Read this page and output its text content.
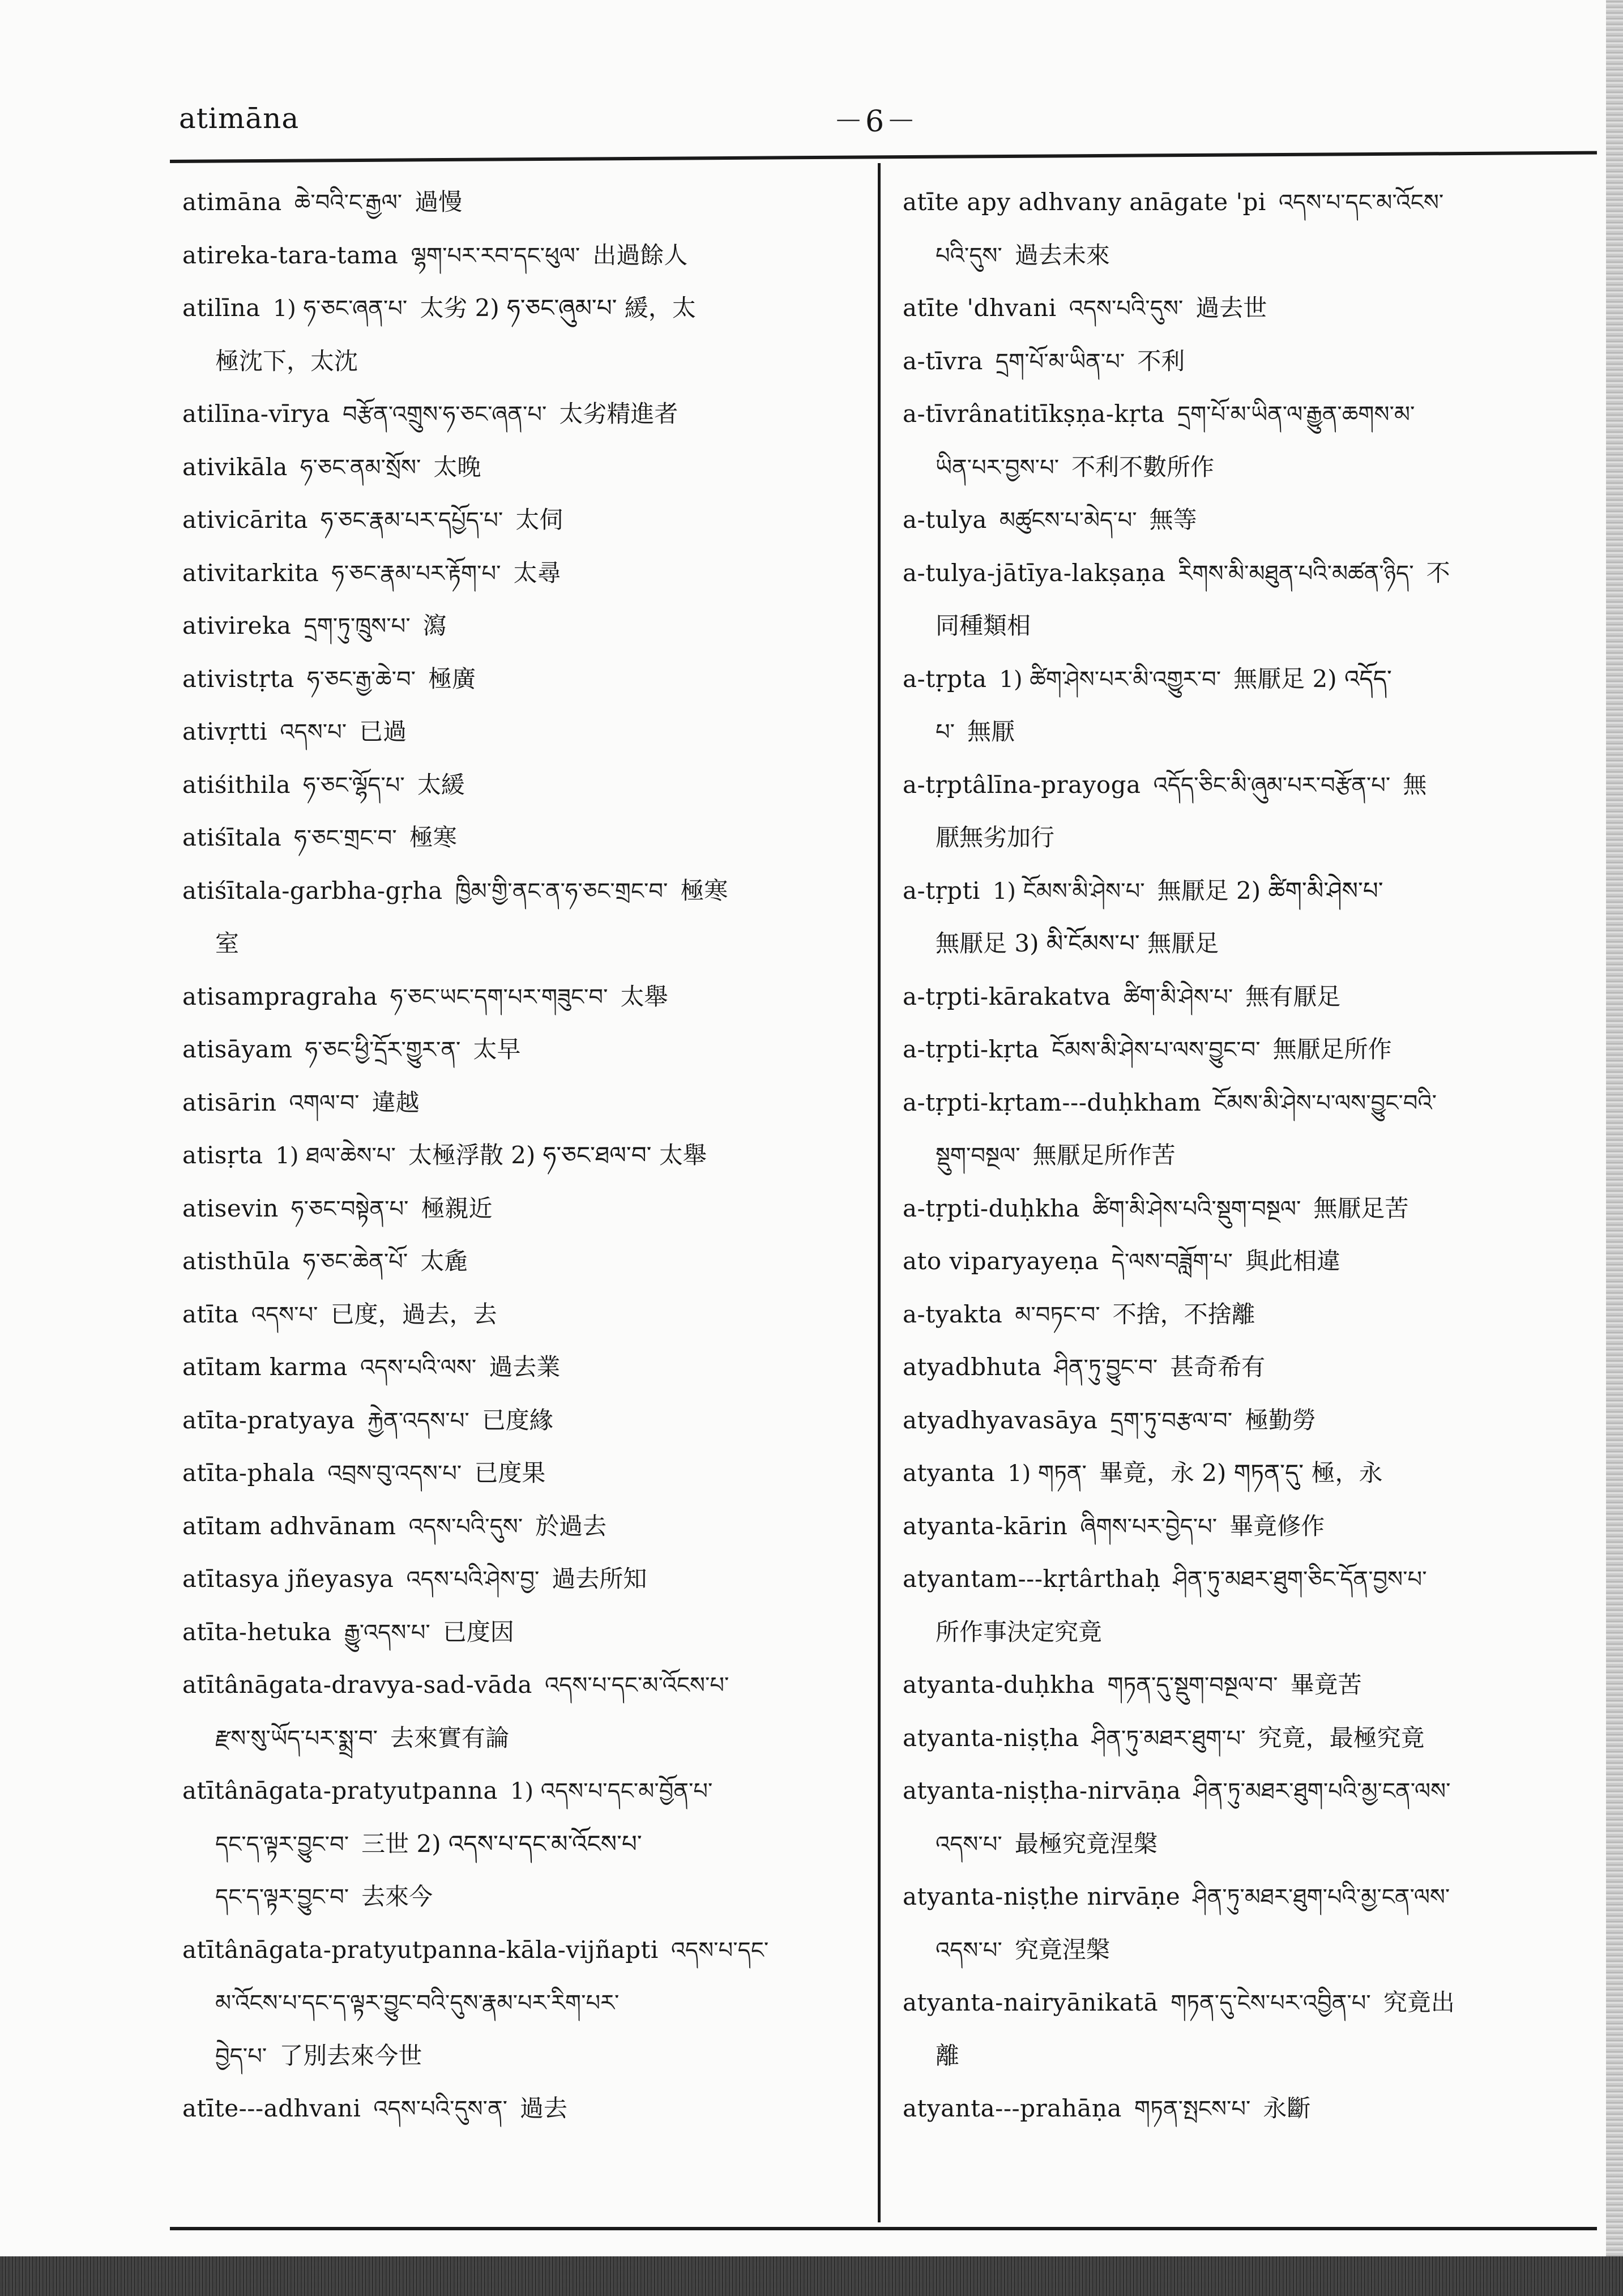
atimāna	－6－
atimāna ཆེ་བའི་ང་རྒྱལ་ 過慢
atireka-tara-tama ལྷག་པར་རབ་དང་ཕུལ་ 出過餘人
atilīna 1) ཧ་ཅང་ཞན་པ་ 太劣 2) ཧ་ཅང་ཞུམ་པ་ 緩，太
極沈下，太沈
atilīna-vīrya བརྩོན་འགྲུས་ཧ་ཅང་ཞན་པ་ 太劣精進者
ativikāla ཧ་ཅང་ནམ་སྲོས་ 太晚
ativicārita ཧ་ཅང་རྣམ་པར་དཔྱོད་པ་ 太伺
ativitarkita ཧ་ཅང་རྣམ་པར་རྟོག་པ་ 太尋
ativireka དྲག་ཏུ་ཁྲུས་པ་ 瀉
ativistṛta ཧ་ཅང་རྒྱ་ཆེ་བ་ 極廣
ativṛtti འདས་པ་ 已過
atiśithila ཧ་ཅང་ལྷོད་པ་ 太緩
atiśītala ཧ་ཅང་གྲང་བ་ 極寒
atiśītala-garbha-gṛha ཁྱིམ་གྱི་ནང་ན་ཧ་ཅང་གྲང་བ་ 極寒
室
atisampragraha ཧ་ཅང་ཡང་དག་པར་གཟུང་བ་ 太舉
atisāyam ཧ་ཅང་ཕྱི་དྲོར་གྱུར་ན་ 太早
atisārin འགལ་བ་ 違越
atisṛta 1) ཐལ་ཆེས་པ་ 太極浮散 2) ཧ་ཅང་ཐལ་བ་ 太舉
atisevin ཧ་ཅང་བསྟེན་པ་ 極親近
atisthūla ཧ་ཅང་ཆེན་པོ་ 太麁
atīta འདས་པ་ 已度，過去，去
atītam karma འདས་པའི་ལས་ 過去業
atīta-pratyaya རྐྱེན་འདས་པ་ 已度緣
atīta-phala འབྲས་བུ་འདས་པ་ 已度果
atītam adhvānam འདས་པའི་དུས་ 於過去
atītasya jñeyasya འདས་པའི་ཤེས་བྱ་ 過去所知
atīta-hetuka རྒྱུ་འདས་པ་ 已度因
atītânāgata-dravya-sad-vāda འདས་པ་དང་མ་འོངས་པ་
རྫས་སུ་ཡོད་པར་སྨྲ་བ་ 去來實有論
atītânāgata-pratyutpanna 1) འདས་པ་དང་མ་བྱོན་པ་
དང་ད་ལྟར་བྱུང་བ་ 三世 2) འདས་པ་དང་མ་འོངས་པ་
དང་ད་ལྟར་བྱུང་བ་ 去來今
atītânāgata-pratyutpanna-kāla-vijñapti འདས་པ་དང་
མ་འོངས་པ་དང་ད་ལྟར་བྱུང་བའི་དུས་རྣམ་པར་རིག་པར་
བྱེད་པ་ 了別去來今世
atīte---adhvani འདས་པའི་དུས་ན་ 過去
atīte apy adhvany anāgate 'pi འདས་པ་དང་མ་འོངས་
པའི་དུས་ 過去未來
atīte 'dhvani འདས་པའི་དུས་ 過去世
a-tīvra དྲག་པོ་མ་ཡིན་པ་ 不利
a-tīvrânatitīkṣṇa-kṛta དྲག་པོ་མ་ཡིན་ལ་རྒྱུན་ཆགས་མ་
ཡིན་པར་བྱས་པ་ 不利不數所作
a-tulya མཚུངས་པ་མེད་པ་ 無等
a-tulya-jātīya-lakṣaṇa རིགས་མི་མཐུན་པའི་མཚན་ཉིད་ 不
同種類相
a-tṛpta 1) ཚིག་ཤེས་པར་མི་འགྱུར་བ་ 無厭足 2) འདོད་
པ་ 無厭
a-tṛptâlīna-prayoga འདོད་ཅིང་མི་ཞུམ་པར་བརྩོན་པ་ 無
厭無劣加行
a-tṛpti 1) ངོམས་མི་ཤེས་པ་ 無厭足 2) ཚིག་མི་ཤེས་པ་
無厭足 3) མི་ངོམས་པ་ 無厭足
a-tṛpti-kārakatva ཚིག་མི་ཤེས་པ་ 無有厭足
a-tṛpti-kṛta ངོམས་མི་ཤེས་པ་ལས་བྱུང་བ་ 無厭足所作
a-tṛpti-kṛtam---duḥkham ངོམས་མི་ཤེས་པ་ལས་བྱུང་བའི་
སྡུག་བསྔལ་ 無厭足所作苦
a-tṛpti-duḥkha ཚིག་མི་ཤེས་པའི་སྡུག་བསྔལ་ 無厭足苦
ato viparyayeṇa དེ་ལས་བཟློག་པ་ 與此相違
a-tyakta མ་བཏང་བ་ 不捨，不捨離
atyadbhuta ཤིན་ཏུ་བྱུང་བ་ 甚奇希有
atyadhyavasāya དྲག་ཏུ་བརྩལ་བ་ 極勤勞
atyanta 1) གཏན་ 畢竟，永 2) གཏན་དུ་ 極，永
atyanta-kārin ཞིགས་པར་བྱེད་པ་ 畢竟修作
atyantam---kṛtârthaḥ ཤིན་ཏུ་མཐར་ཐུག་ཅིང་དོན་བྱས་པ་
所作事決定究竟
atyanta-duḥkha གཏན་དུ་སྡུག་བསྔལ་བ་ 畢竟苦
atyanta-niṣṭha ཤིན་ཏུ་མཐར་ཐུག་པ་ 究竟，最極究竟
atyanta-niṣṭha-nirvāṇa ཤིན་ཏུ་མཐར་ཐུག་པའི་མྱ་ངན་ལས་
འདས་པ་ 最極究竟涅槃
atyanta-niṣṭhe nirvāṇe ཤིན་ཏུ་མཐར་ཐུག་པའི་མྱ་ངན་ལས་
འདས་པ་ 究竟涅槃
atyanta-nairyānikatā གཏན་དུ་ངེས་པར་འབྱིན་པ་ 究竟出
離
atyanta---prahāṇa གཏན་སྤངས་པ་ 永斷
